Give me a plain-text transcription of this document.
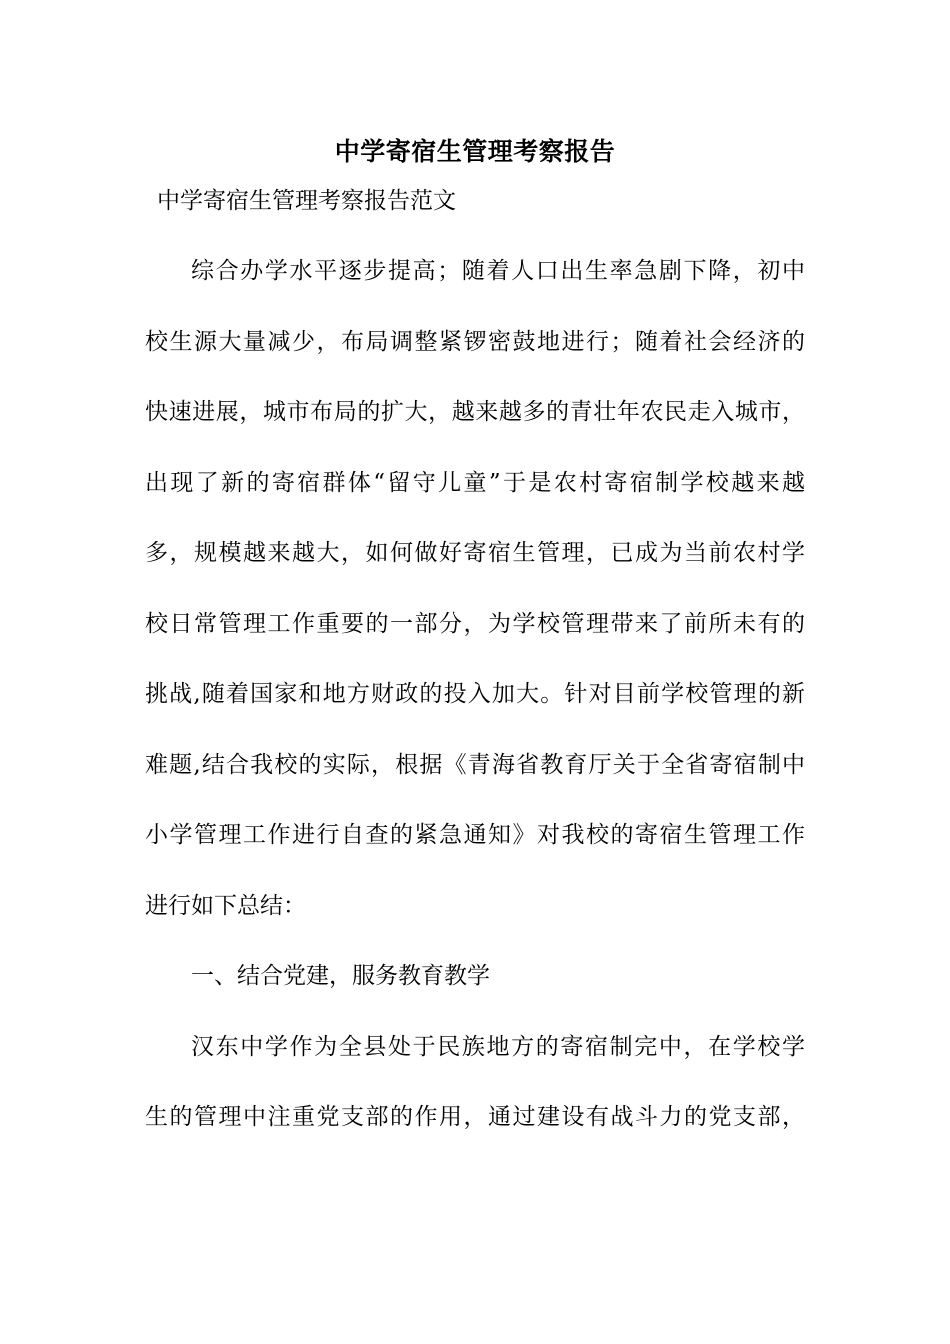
中学寄宿生管理考察报告
中学寄宿生管理考察报告范文
综合办学水平逐步提高；随着人口出生率急剧下降，初中
校生源大量减少，布局调整紧锣密鼓地进行；随着社会经济的
快速进展，城市布局的扩大，越来越多的青壮年农民走入城市，
出现了新的寄宿群体“留守儿童”于是农村寄宿制学校越来越
多，规模越来越大，如何做好寄宿生管理，已成为当前农村学
校日常管理工作重要的一部分，为学校管理带来了前所未有的
挑战,随着国家和地方财政的投入加大。针对目前学校管理的新
难题,结合我校的实际，根据《青海省教育厅关于全省寄宿制中
小学管理工作进行自查的紧急通知》对我校的寄宿生管理工作
进行如下总结：
一、结合党建，服务教育教学
汉东中学作为全县处于民族地方的寄宿制完中，在学校学
生的管理中注重党支部的作用，通过建设有战斗力的党支部，
